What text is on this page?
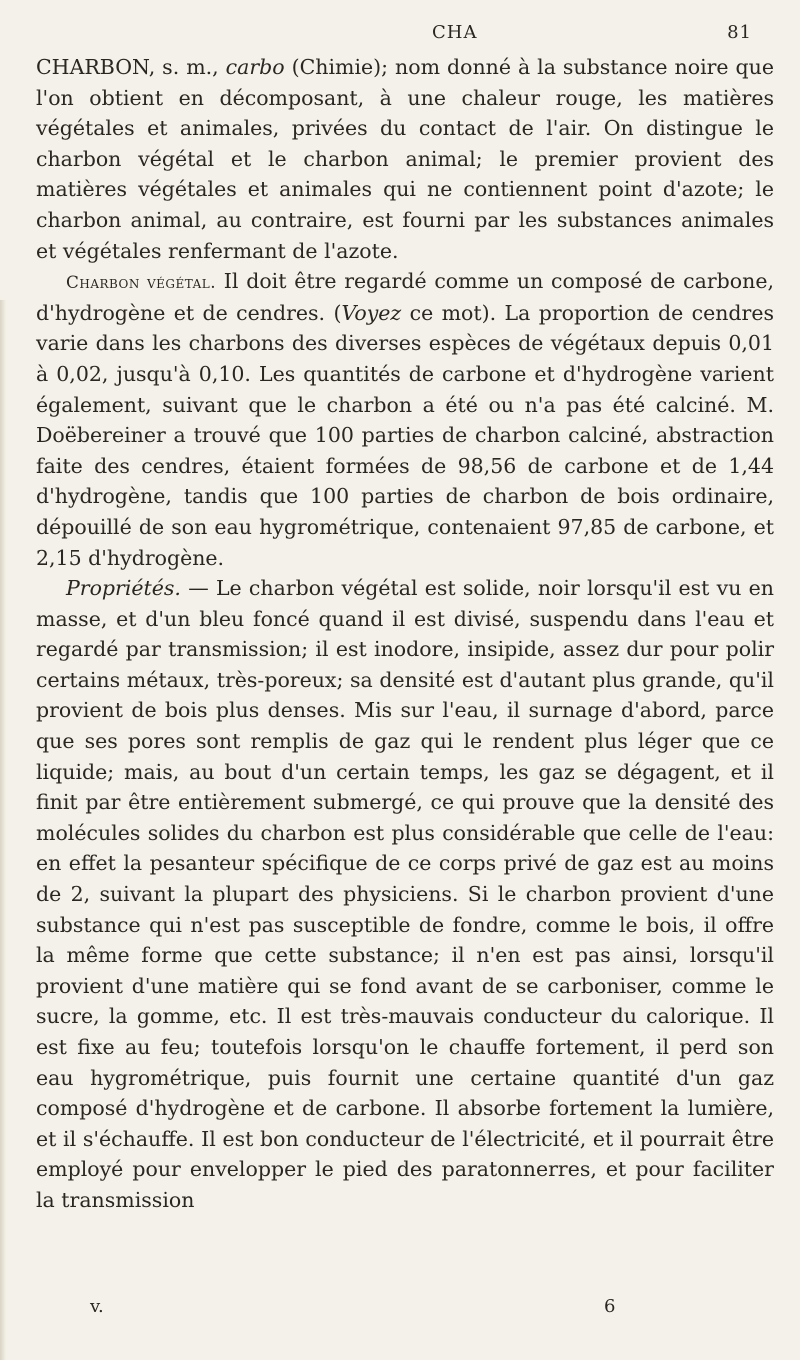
CHA	81

CHARBON, s. m., carbo (Chimie); nom donné à la substance noire que l'on obtient en décomposant, à une chaleur rouge, les matières végétales et animales, privées du contact de l'air. On distingue le charbon végétal et le charbon animal; le premier provient des matières végétales et animales qui ne contiennent point d'azote; le charbon animal, au contraire, est fourni par les substances animales et végétales renfermant de l'azote.

Charbon végétal. Il doit être regardé comme un composé de carbone, d'hydrogène et de cendres. (Voyez ce mot). La proportion de cendres varie dans les charbons des diverses espèces de végétaux depuis 0,01 à 0,02, jusqu'à 0,10. Les quantités de carbone et d'hydrogène varient également, suivant que le charbon a été ou n'a pas été calciné. M. Doëbereiner a trouvé que 100 parties de charbon calciné, abstraction faite des cendres, étaient formées de 98,56 de carbone et de 1,44 d'hydrogène, tandis que 100 parties de charbon de bois ordinaire, dépouillé de son eau hygrométrique, contenaient 97,85 de carbone, et 2,15 d'hydrogène.

Propriétés. — Le charbon végétal est solide, noir lorsqu'il est vu en masse, et d'un bleu foncé quand il est divisé, suspendu dans l'eau et regardé par transmission; il est inodore, insipide, assez dur pour polir certains métaux, très-poreux; sa densité est d'autant plus grande, qu'il provient de bois plus denses. Mis sur l'eau, il surnage d'abord, parce que ses pores sont remplis de gaz qui le rendent plus léger que ce liquide; mais, au bout d'un certain temps, les gaz se dégagent, et il finit par être entièrement submergé, ce qui prouve que la densité des molécules solides du charbon est plus considérable que celle de l'eau: en effet la pesanteur spécifique de ce corps privé de gaz est au moins de 2, suivant la plupart des physiciens. Si le charbon provient d'une substance qui n'est pas susceptible de fondre, comme le bois, il offre la même forme que cette substance; il n'en est pas ainsi, lorsqu'il provient d'une matière qui se fond avant de se carboniser, comme le sucre, la gomme, etc. Il est très-mauvais conducteur du calorique. Il est fixe au feu; toutefois lorsqu'on le chauffe fortement, il perd son eau hygrométrique, puis fournit une certaine quantité d'un gaz composé d'hydrogène et de carbone. Il absorbe fortement la lumière, et il s'échauffe. Il est bon conducteur de l'électricité, et il pourrait être employé pour envelopper le pied des paratonnerres, et pour faciliter la transmission

v.	6
